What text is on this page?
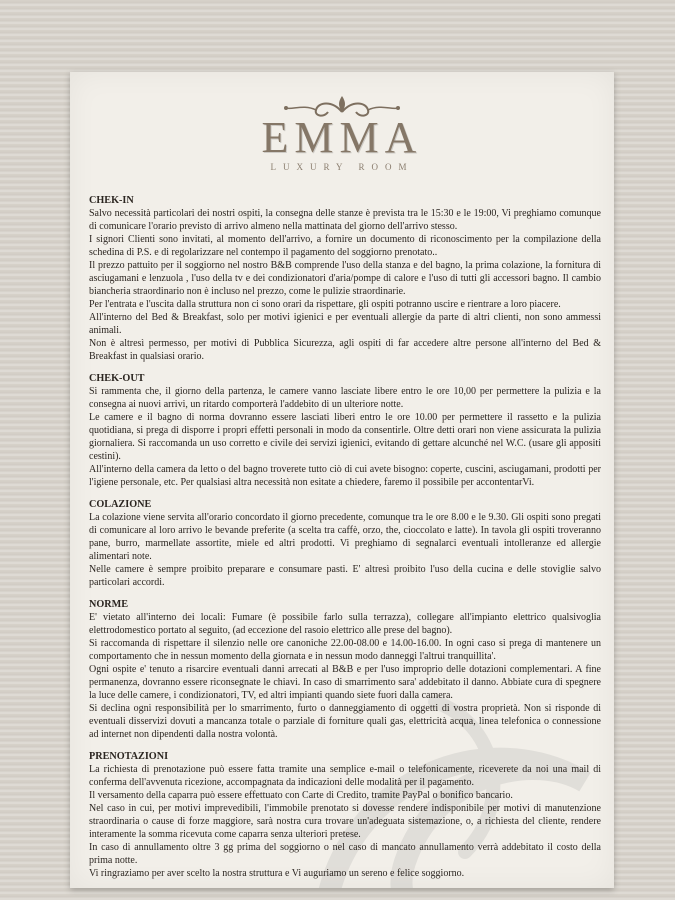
EMMA
LUXURY ROOM
CHEK-IN

Salvo necessità particolari dei nostri ospiti, la consegna delle stanze è prevista tra le 15:30 e le 19:00, Vi preghiamo comunque di comunicare l'orario previsto di arrivo almeno nella mattinata del giorno dell'arrivo stesso.

I signori Clienti sono invitati, al momento dell'arrivo, a fornire un documento di riconoscimento per la compilazione della schedina di P.S. e di regolarizzare nel contempo il pagamento del soggiorno prenotato..

Il prezzo pattuito per il soggiorno nel nostro B&B comprende l'uso della stanza e del bagno, la prima colazione, la fornitura di asciugamani e lenzuola , l'uso della tv e dei condizionatori d'aria/pompe di calore e l'uso di tutti gli accessori bagno. Il cambio biancheria straordinario non è incluso nel prezzo, come le pulizie straordinarie.

Per l'entrata e l'uscita dalla struttura non ci sono orari da rispettare, gli ospiti potranno uscire e rientrare a loro piacere.

All'interno del Bed & Breakfast, solo per motivi igienici e per eventuali allergie da parte di altri clienti, non sono ammessi animali.

Non è altresì permesso, per motivi di Pubblica Sicurezza, agli ospiti di far accedere altre persone all'interno del Bed & Breakfast in qualsiasi orario.

CHEK-OUT

Si rammenta che, il giorno della partenza, le camere vanno lasciate libere entro le ore 10,00 per permettere la pulizia e la consegna ai nuovi arrivi, un ritardo comporterà l'addebito di un ulteriore notte.

Le camere e il bagno di norma dovranno essere lasciati liberi entro le ore 10.00 per permettere il rassetto e la pulizia quotidiana, si prega di disporre i propri effetti personali in modo da consentirle. Oltre detti orari non viene assicurata la pulizia giornaliera. Si raccomanda un uso corretto e civile dei servizi igienici, evitando di gettare alcunché nel W.C. (usare gli appositi cestini).

All'interno della camera da letto o del bagno troverete tutto ciò di cui avete bisogno: coperte, cuscini, asciugamani, prodotti per l'igiene personale, etc. Per qualsiasi altra necessità non esitate a chiedere, faremo il possibile per accontentarVi.

COLAZIONE

La colazione viene servita all'orario concordato il giorno precedente, comunque tra le ore 8.00 e le 9.30. Gli ospiti sono pregati di comunicare al loro arrivo le bevande preferite (a scelta tra caffè, orzo, the, cioccolato e latte). In tavola gli ospiti troveranno pane, burro, marmellate assortite, miele ed altri prodotti. Vi preghiamo di segnalarci eventuali intolleranze ed allergie alimentari note.

Nelle camere è sempre proibito preparare e consumare pasti. E' altresì proibito l'uso della cucina e delle stoviglie salvo particolari accordi.

NORME

E' vietato all'interno dei locali: Fumare (è possibile farlo sulla terrazza), collegare all'impianto elettrico qualsivoglia elettrodomestico portato al seguito, (ad eccezione del rasoio elettrico alle prese del bagno).

Si raccomanda di rispettare il silenzio nelle ore canoniche 22.00-08.00 e 14.00-16.00. In ogni caso si prega di mantenere un comportamento che in nessun momento della giornata e in nessun modo danneggi l'altrui tranquillita'.

Ogni ospite e' tenuto a risarcire eventuali danni arrecati al B&B e per l'uso improprio delle dotazioni complementari. A fine permanenza, dovranno essere riconsegnate le chiavi. In caso di smarrimento sara' addebitato il danno. Abbiate cura di spegnere la luce delle camere, i condizionatori, TV, ed altri impianti quando siete fuori dalla camera.

Si declina ogni responsibilità per lo smarrimento, furto o danneggiamento di oggetti di vostra proprietà. Non si risponde di eventuali disservizi dovuti a mancanza totale o parziale di forniture quali gas, elettricità acqua, linea telefonica o connessione ad internet non dipendenti dalla nostra volontà.

PRENOTAZIONI

La richiesta di prenotazione può essere fatta tramite una semplice e-mail o telefonicamente, riceverete da noi una mail di conferma dell'avvenuta ricezione, accompagnata da indicazioni delle modalità per il pagamento.

Il versamento della caparra può essere effettuato con Carte di Credito, tramite PayPal o bonifico bancario.

Nel caso in cui, per motivi imprevedibili, l'immobile prenotato si dovesse rendere indisponibile per motivi di manutenzione straordinaria o cause di forze maggiore, sarà nostra cura trovare un'adeguata sistemazione, o, a richiesta del cliente, rendere interamente la somma ricevuta come caparra senza ulteriori pretese.

In caso di annullamento oltre 3 gg prima del soggiorno o nel caso di mancato annullamento verrà addebitato il costo della prima notte.

Vi ringraziamo per aver scelto la nostra struttura e Vi auguriamo un sereno e felice soggiorno.
